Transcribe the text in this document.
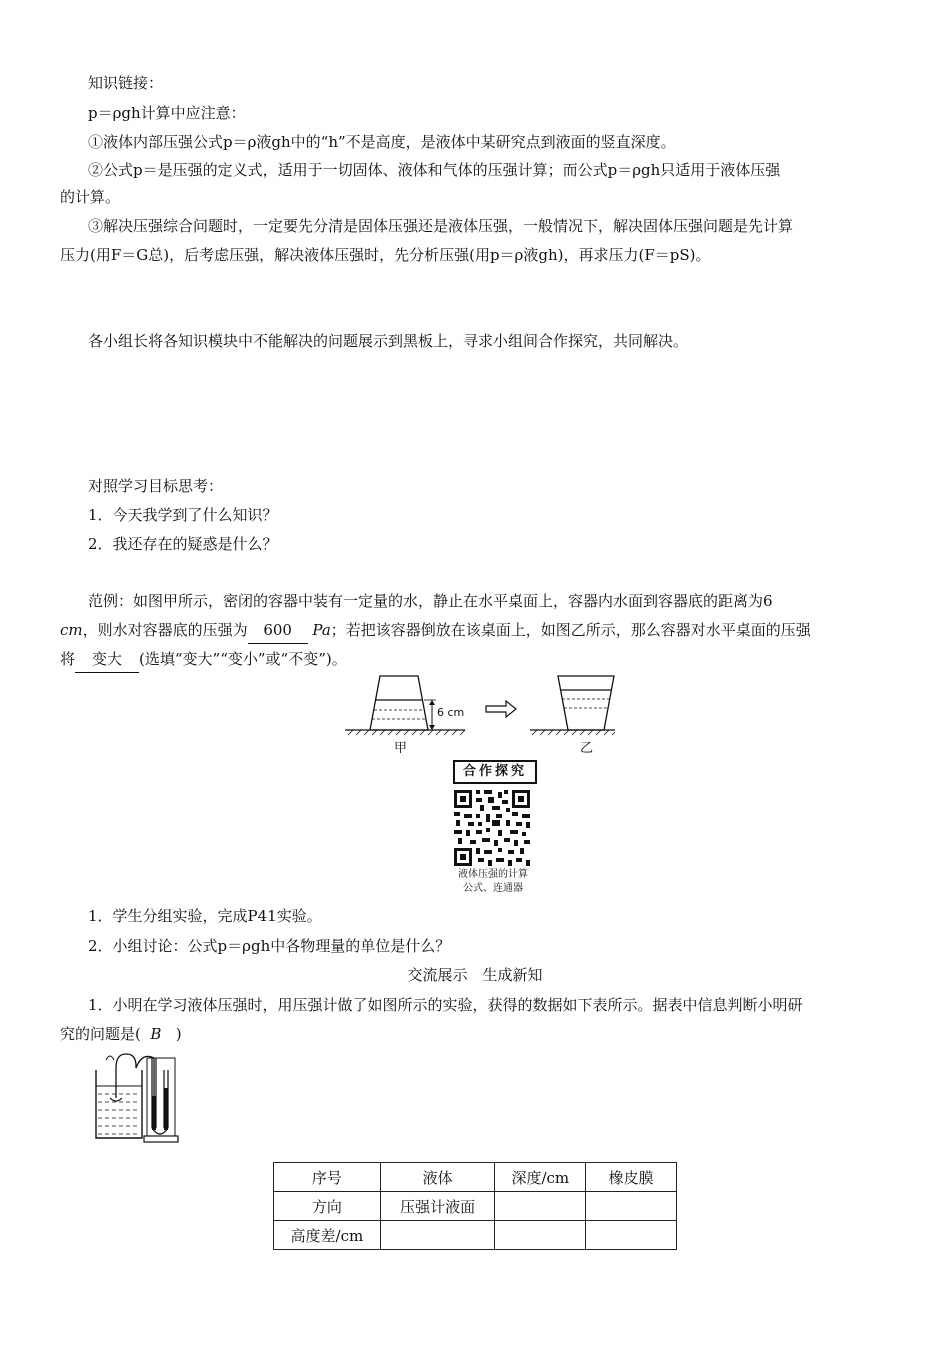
知识链接：
p＝ρgh计算中应注意：
①液体内部压强公式p＝ρ液gh中的“h”不是高度，是液体中某研究点到液面的竖直深度。
②公式p＝是压强的定义式，适用于一切固体、液体和气体的压强计算；而公式p＝ρgh只适用于液体压强
的计算。
③解决压强综合问题时，一定要先分清是固体压强还是液体压强，一般情况下，解决固体压强问题是先计算
压力(用F＝G总)，后考虑压强，解决液体压强时，先分析压强(用p＝ρ液gh)，再求压力(F＝pS)。
各小组长将各知识模块中不能解决的问题展示到黑板上，寻求小组间合作探究，共同解决。
对照学习目标思考：
1．今天我学到了什么知识？
2．我还存在的疑惑是什么？
范例：如图甲所示，密闭的容器中装有一定量的水，静止在水平桌面上，容器内水面到容器底的距离为6
cm，则水对容器底的压强为 600 Pa；若把该容器倒放在该桌面上，如图乙所示，那么容器对水平桌面的压强
将 变大 (选填“变大”“变小”或“不变”)。
6 cm
甲	乙
合作探究
液体压强的计算
公式、连通器
1．学生分组实验，完成P41实验。
2．小组讨论：公式p＝ρgh中各物理量的单位是什么？
交流展示　生成新知
1．小明在学习液体压强时，用压强计做了如图所示的实验，获得的数据如下表所示。据表中信息判断小明研
究的问题是( B )
序号	液体	深度/cm	橡皮膜
方向	压强计液面		
高度差/cm			
